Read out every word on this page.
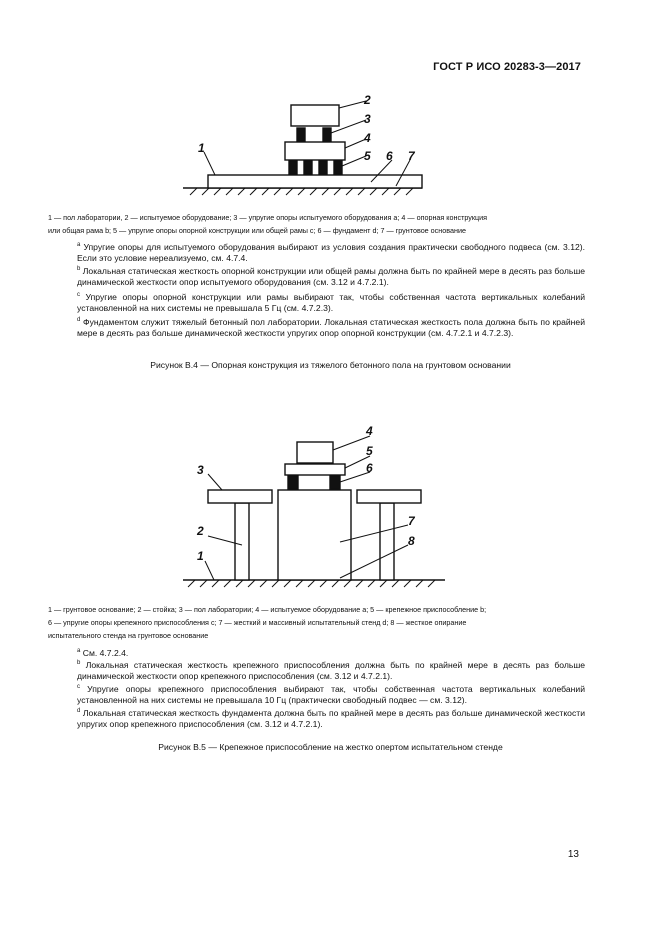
ГОСТ Р ИСО 20283-3—2017
2
3
4
5 6 7
1
1 — пол лаборатории, 2 — испытуемое оборудование; 3 — упругие опоры испытуемого оборудования a; 4 — опорная конструкция
или общая рама b; 5 — упругие опоры опорной конструкции или общей рамы c; 6 — фундамент d; 7 — грунтовое основание
$^a$ Упругие опоры для испытуемого оборудования выбирают из условия создания практически свободного подвеса (см. 3.12). Если это условие нереализуемо, см. 4.7.4.
$^b$ Локальная статическая жесткость опорной конструкции или общей рамы должна быть по крайней мере в десять раз больше динамической жесткости опор испытуемого оборудования (см. 3.12 и 4.7.2.1).
$^c$ Упругие опоры опорной конструкции или рамы выбирают так, чтобы собственная частота вертикальных колебаний установленной на них системы не превышала 5 Гц (см. 4.7.2.3).
$^d$ Фундаментом служит тяжелый бетонный пол лаборатории. Локальная статическая жесткость пола должна быть по крайней мере в десять раз больше динамической жесткости упругих опор опорной конструкции (см. 4.7.2.1 и 4.7.2.3).
Рисунок В.4 — Опорная конструкция из тяжелого бетонного пола на грунтовом основании
4
5
6
3
2
1
7
8
1 — грунтовое основание; 2 — стойка; 3 — пол лаборатории; 4 — испытуемое оборудование a; 5 — крепежное приспособление b;
6 — упругие опоры крепежного приспособления c; 7 — жесткий и массивный испытательный стенд d; 8 — жесткое опирание
испытательного стенда на грунтовое основание
$^a$ См. 4.7.2.4.
$^b$ Локальная статическая жесткость крепежного приспособления должна быть по крайней мере в десять раз больше динамической жесткости опор крепежного приспособления (см. 3.12 и 4.7.2.1).
$^c$ Упругие опоры крепежного приспособления выбирают так, чтобы собственная частота вертикальных колебаний установленной на них системы не превышала 10 Гц (практически свободный подвес — см. 3.12).
$^d$ Локальная статическая жесткость фундамента должна быть по крайней мере в десять раз больше динамической жесткости упругих опор крепежного приспособления (см. 3.12 и 4.7.2.1).
Рисунок В.5 — Крепежное приспособление на жестко опертом испытательном стенде
13
